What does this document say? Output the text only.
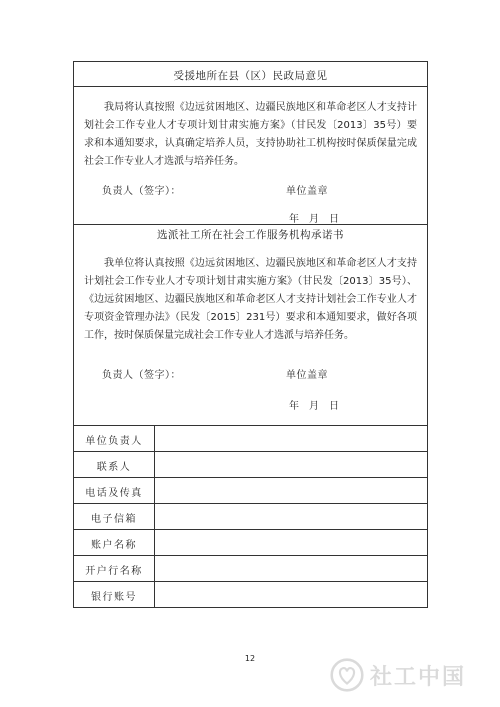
受援地所在县（区）民政局意见
我局将认真按照《边远贫困地区、边疆民族地区和革命老区人才支持计划社会工作专业人才专项计划甘肃实施方案》（甘民发〔2013〕35号）要求和本通知要求，认真确定培养人员，支持协助社工机构按时保质保量完成社会工作专业人才选派与培养任务。
负责人（签字）：	单位盖章
年　月　日
选派社工所在社会工作服务机构承诺书
我单位将认真按照《边远贫困地区、边疆民族地区和革命老区人才支持计划社会工作专业人才专项计划甘肃实施方案》（甘民发〔2013〕35号）、《边远贫困地区、边疆民族地区和革命老区人才支持计划社会工作专业人才专项资金管理办法》（民发〔2015〕231号）要求和本通知要求，做好各项工作，按时保质保量完成社会工作专业人才选派与培养任务。
负责人（签字）：	单位盖章
年　月　日
单位负责人
联系人
电话及传真
电子信箱
账户名称
开户行名称
银行账号
12
社工中国
